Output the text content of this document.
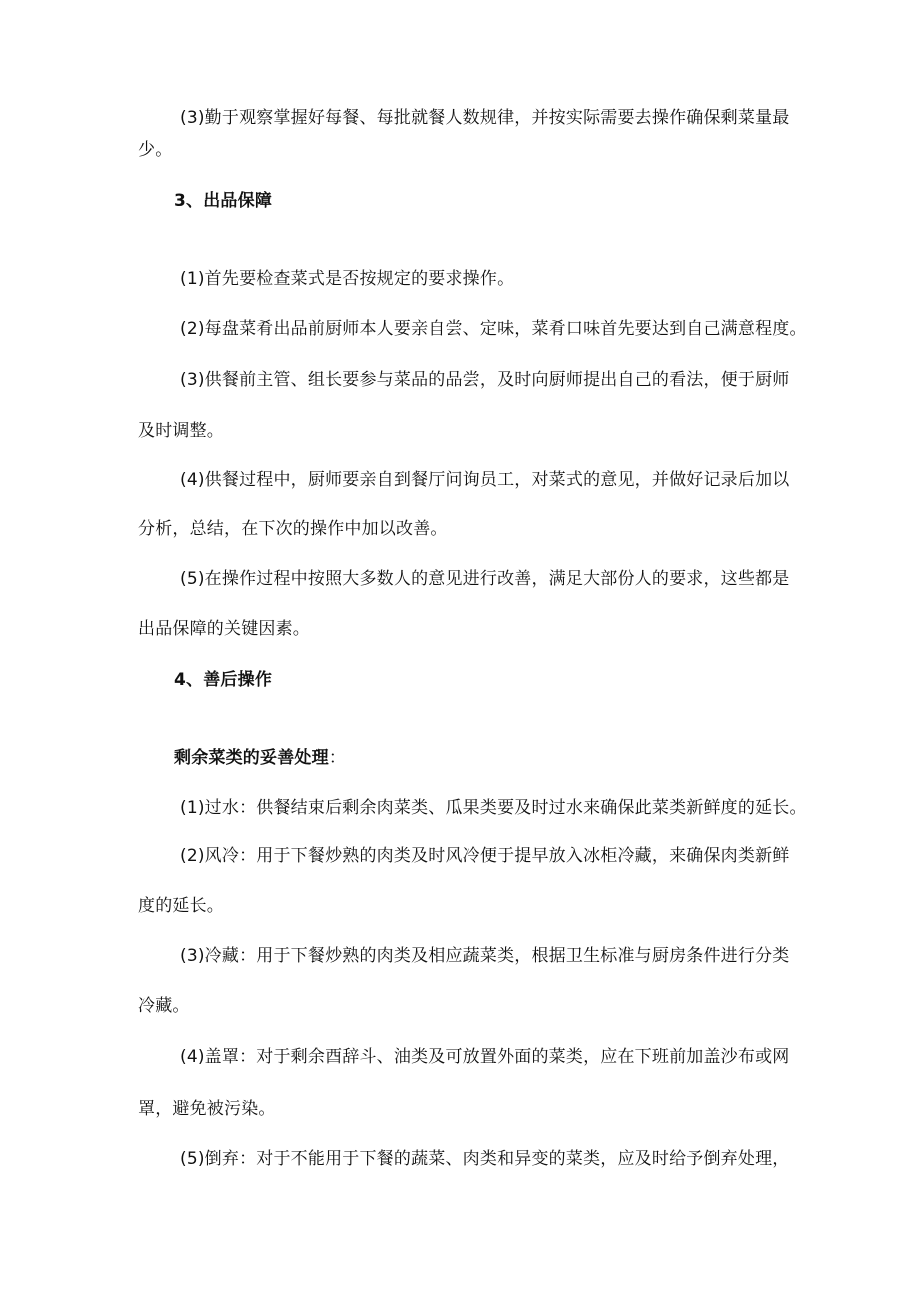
(3)勤于观察掌握好每餐、每批就餐人数规律，并按实际需要去操作确保剩菜量最

少。

3、出品保障

(1)首先要检查菜式是否按规定的要求操作。

(2)每盘菜肴出品前厨师本人要亲自尝、定味，菜肴口味首先要达到自己满意程度。

(3)供餐前主管、组长要参与菜品的品尝，及时向厨师提出自己的看法，便于厨师

及时调整。

(4)供餐过程中，厨师要亲自到餐厅问询员工，对菜式的意见，并做好记录后加以

分析，总结，在下次的操作中加以改善。

(5)在操作过程中按照大多数人的意见进行改善，满足大部份人的要求，这些都是

出品保障的关键因素。

4、善后操作

剩余菜类的妥善处理：

(1)过水：供餐结束后剩余肉菜类、瓜果类要及时过水来确保此菜类新鲜度的延长。

(2)风冷：用于下餐炒熟的肉类及时风冷便于提早放入冰柜冷藏，来确保肉类新鲜

度的延长。

(3)冷藏：用于下餐炒熟的肉类及相应蔬菜类，根据卫生标准与厨房条件进行分类

冷藏。

(4)盖罩：对于剩余酉辞斗、油类及可放置外面的菜类，应在下班前加盖沙布或网

罩，避免被污染。

(5)倒弃：对于不能用于下餐的蔬菜、肉类和异变的菜类，应及时给予倒弃处理，
